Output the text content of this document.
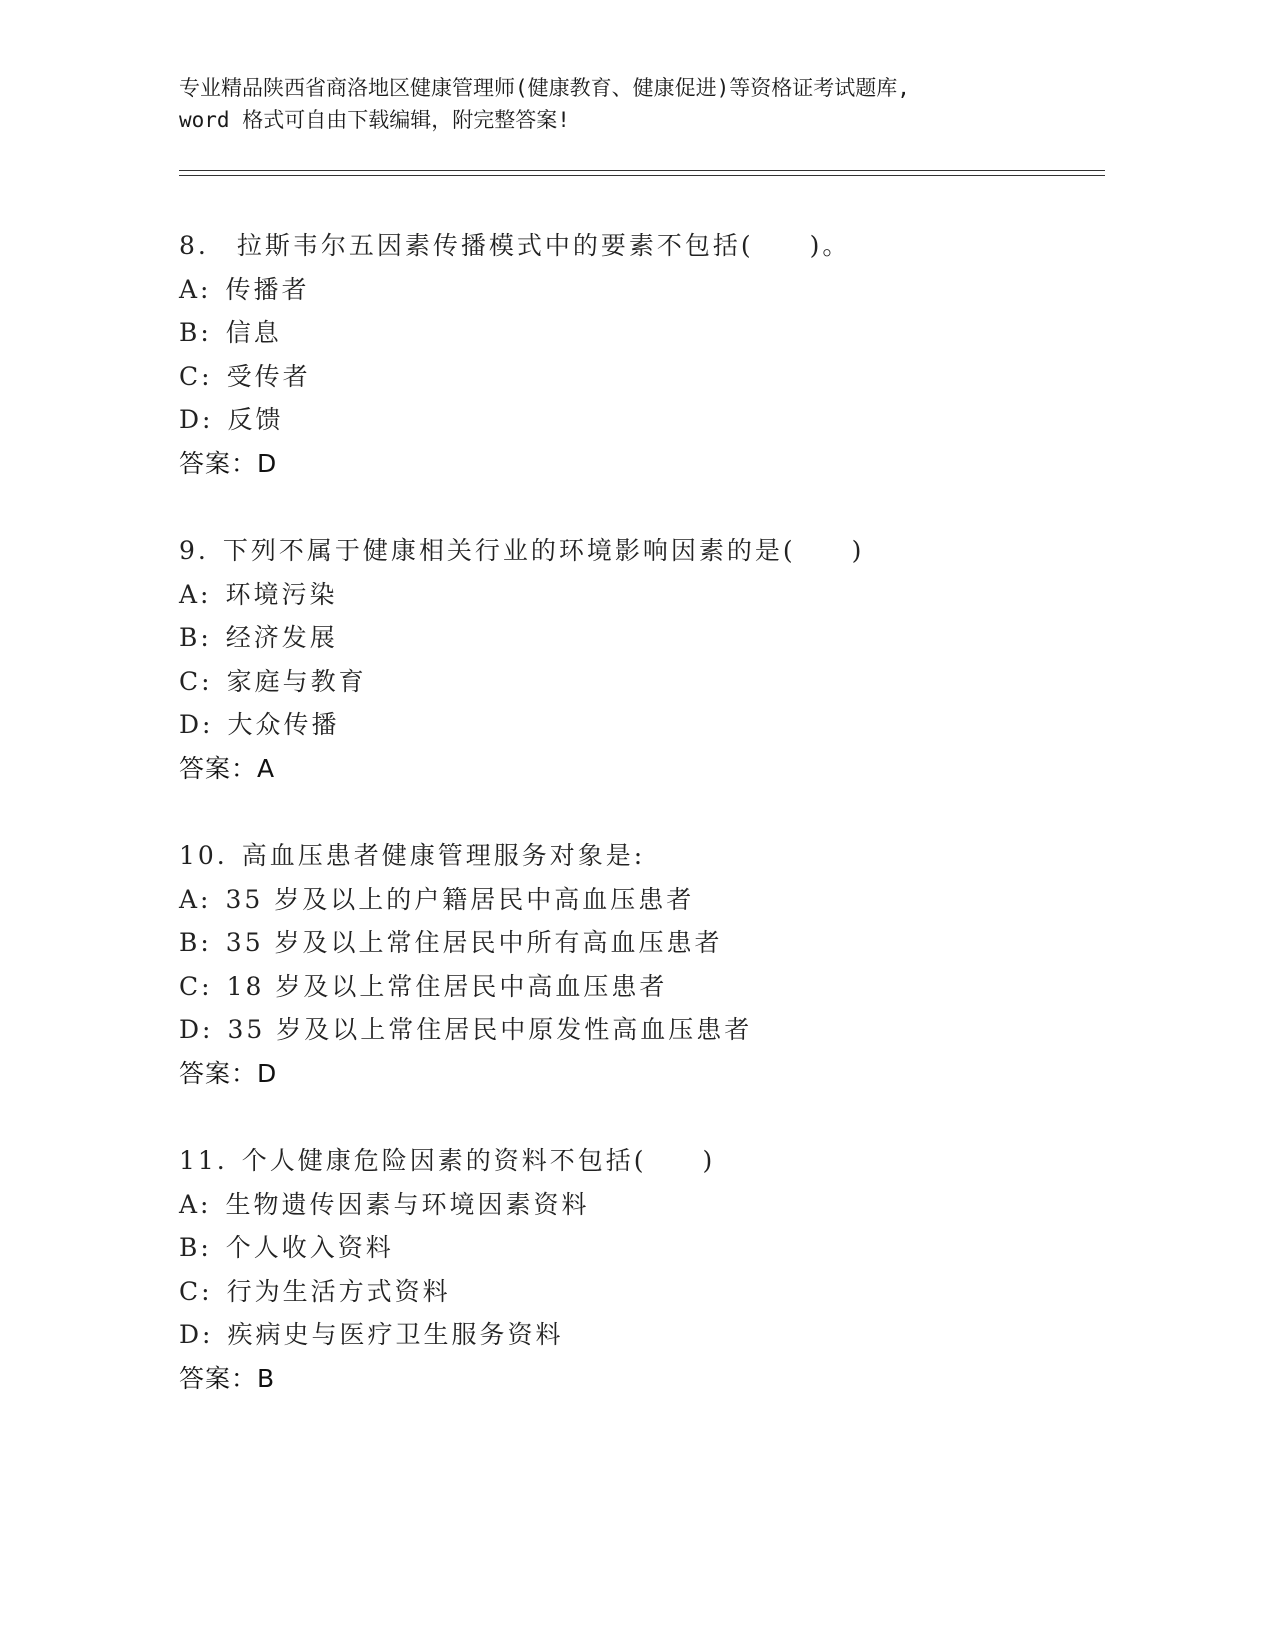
专业精品陕西省商洛地区健康管理师(健康教育、健康促进)等资格证考试题库,
word 格式可自由下载编辑，附完整答案!
8. 拉斯韦尔五因素传播模式中的要素不包括(　　)。
A: 传播者
B: 信息
C: 受传者
D: 反馈
答案：D
9. 下列不属于健康相关行业的环境影响因素的是(　　)
A: 环境污染
B: 经济发展
C: 家庭与教育
D: 大众传播
答案：A
10. 高血压患者健康管理服务对象是:
A: 35 岁及以上的户籍居民中高血压患者
B: 35 岁及以上常住居民中所有高血压患者
C: 18 岁及以上常住居民中高血压患者
D: 35 岁及以上常住居民中原发性高血压患者
答案：D
11. 个人健康危险因素的资料不包括(　　)
A: 生物遗传因素与环境因素资料
B: 个人收入资料
C: 行为生活方式资料
D: 疾病史与医疗卫生服务资料
答案：B
